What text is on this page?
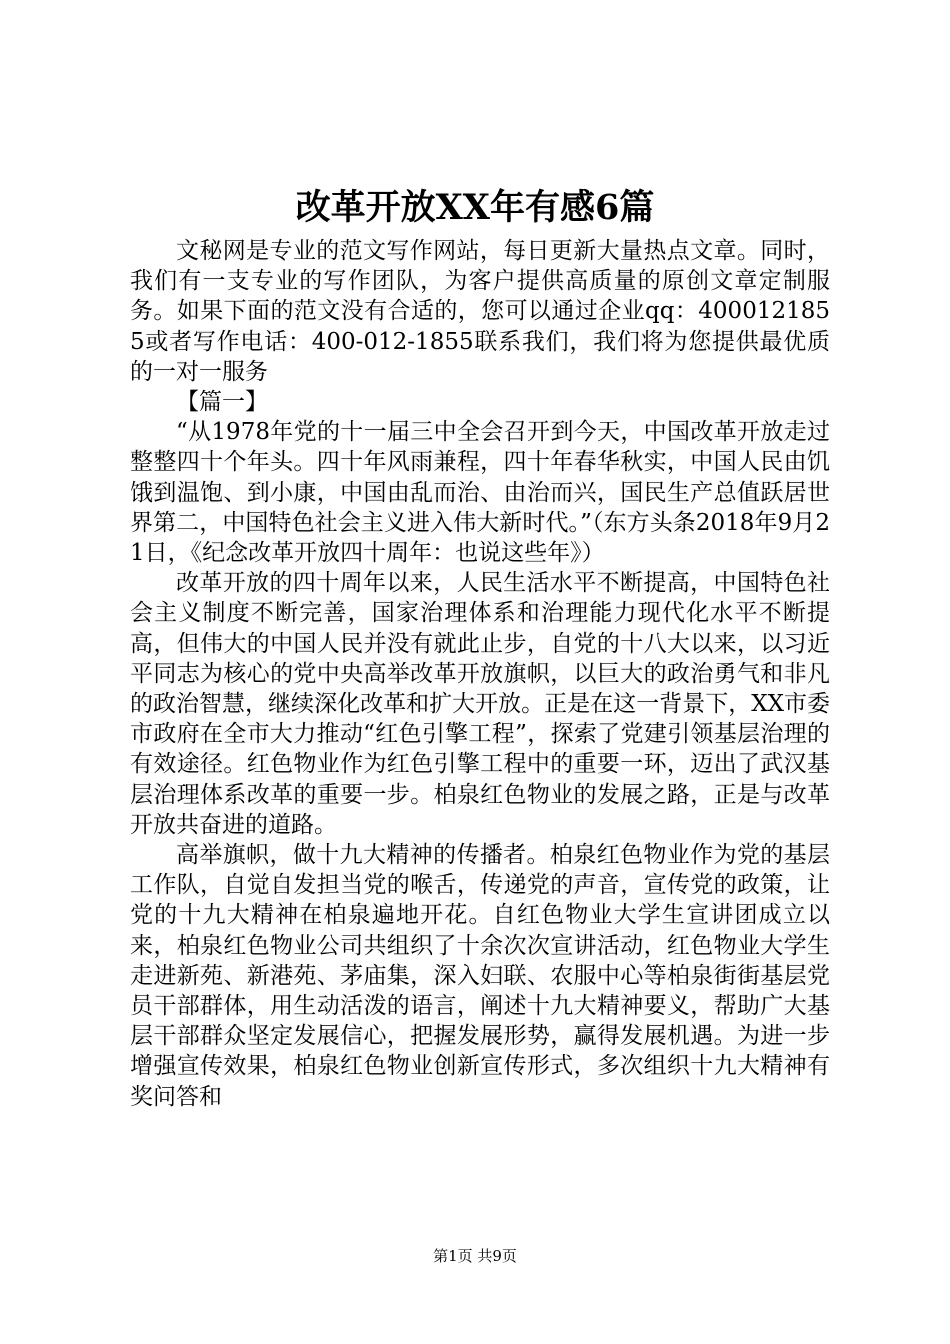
改革开放XX年有感6篇

文秘网是专业的范文写作网站，每日更新大量热点文章。同时，我们有一支专业的写作团队，为客户提供高质量的原创文章定制服务。如果下面的范文没有合适的，您可以通过企业qq：4000121855或者写作电话：400-012-1855联系我们，我们将为您提供最优质的一对一服务

【篇一】

“从1978年党的十一届三中全会召开到今天，中国改革开放走过整整四十个年头。四十年风雨兼程，四十年春华秋实，中国人民由饥饿到温饱、到小康，中国由乱而治、由治而兴，国民生产总值跃居世界第二，中国特色社会主义进入伟大新时代。”（东方头条2018年9月21日，《纪念改革开放四十周年：也说这些年》）

改革开放的四十周年以来，人民生活水平不断提高，中国特色社会主义制度不断完善，国家治理体系和治理能力现代化水平不断提高，但伟大的中国人民并没有就此止步，自党的十八大以来，以习近平同志为核心的党中央高举改革开放旗帜，以巨大的政治勇气和非凡的政治智慧，继续深化改革和扩大开放。正是在这一背景下，XX市委市政府在全市大力推动“红色引擎工程”，探索了党建引领基层治理的有效途径。红色物业作为红色引擎工程中的重要一环，迈出了武汉基层治理体系改革的重要一步。柏泉红色物业的发展之路，正是与改革开放共奋进的道路。

高举旗帜，做十九大精神的传播者。柏泉红色物业作为党的基层工作队，自觉自发担当党的喉舌，传递党的声音，宣传党的政策，让党的十九大精神在柏泉遍地开花。自红色物业大学生宣讲团成立以来，柏泉红色物业公司共组织了十余次次宣讲活动，红色物业大学生走进新苑、新港苑、茅庙集，深入妇联、农服中心等柏泉街街基层党员干部群体，用生动活泼的语言，阐述十九大精神要义，帮助广大基层干部群众坚定发展信心，把握发展形势，赢得发展机遇。为进一步增强宣传效果，柏泉红色物业创新宣传形式，多次组织十九大精神有奖问答和

第1页 共9页
